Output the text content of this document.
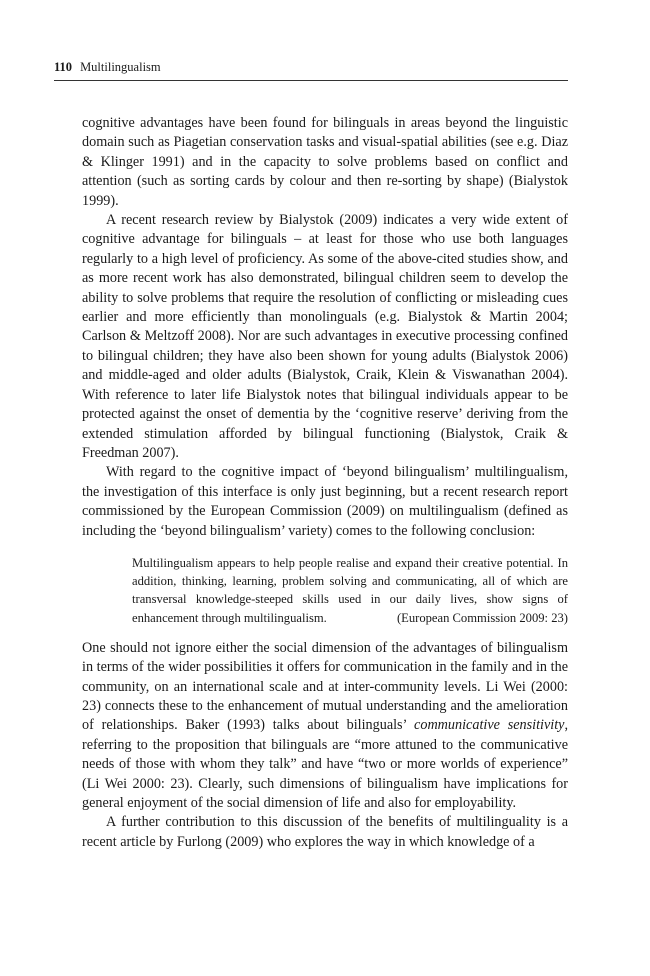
110 Multilingualism

cognitive advantages have been found for bilinguals in areas beyond the linguistic domain such as Piagetian conservation tasks and visual-spatial abilities (see e.g. Diaz & Klinger 1991) and in the capacity to solve problems based on conflict and attention (such as sorting cards by colour and then re-sorting by shape) (Bialystok 1999).

A recent research review by Bialystok (2009) indicates a very wide extent of cognitive advantage for bilinguals – at least for those who use both languages regularly to a high level of proficiency. As some of the above-cited studies show, and as more recent work has also demonstrated, bilingual children seem to develop the ability to solve problems that require the resolution of conflicting or misleading cues earlier and more efficiently than monolinguals (e.g. Bialystok & Martin 2004; Carlson & Meltzoff 2008). Nor are such advantages in executive processing confined to bilingual children; they have also been shown for young adults (Bialystok 2006) and middle-aged and older adults (Bialystok, Craik, Klein & Viswanathan 2004). With reference to later life Bialystok notes that bilingual individuals appear to be protected against the onset of dementia by the ‘cognitive reserve’ deriving from the extended stimulation afforded by bilingual functioning (Bialystok, Craik & Freedman 2007).

With regard to the cognitive impact of ‘beyond bilingualism’ multilingualism, the investigation of this interface is only just beginning, but a recent research report commissioned by the European Commission (2009) on multilingualism (defined as including the ‘beyond bilingualism’ variety) comes to the following conclusion:

Multilingualism appears to help people realise and expand their creative potential. In addition, thinking, learning, problem solving and communicating, all of which are transversal knowledge-steeped skills used in our daily lives, show signs of enhancement through multilingualism.	(European Commission 2009: 23)

One should not ignore either the social dimension of the advantages of bilingualism in terms of the wider possibilities it offers for communication in the family and in the community, on an international scale and at inter-community levels. Li Wei (2000: 23) connects these to the enhancement of mutual understanding and the amelioration of relationships. Baker (1993) talks about bilinguals’ communicative sensitivity, referring to the proposition that bilinguals are “more attuned to the communicative needs of those with whom they talk” and have “two or more worlds of experience” (Li Wei 2000: 23). Clearly, such dimensions of bilingualism have implications for general enjoyment of the social dimension of life and also for employability.

A further contribution to this discussion of the benefits of multilinguality is a recent article by Furlong (2009) who explores the way in which knowledge of a
